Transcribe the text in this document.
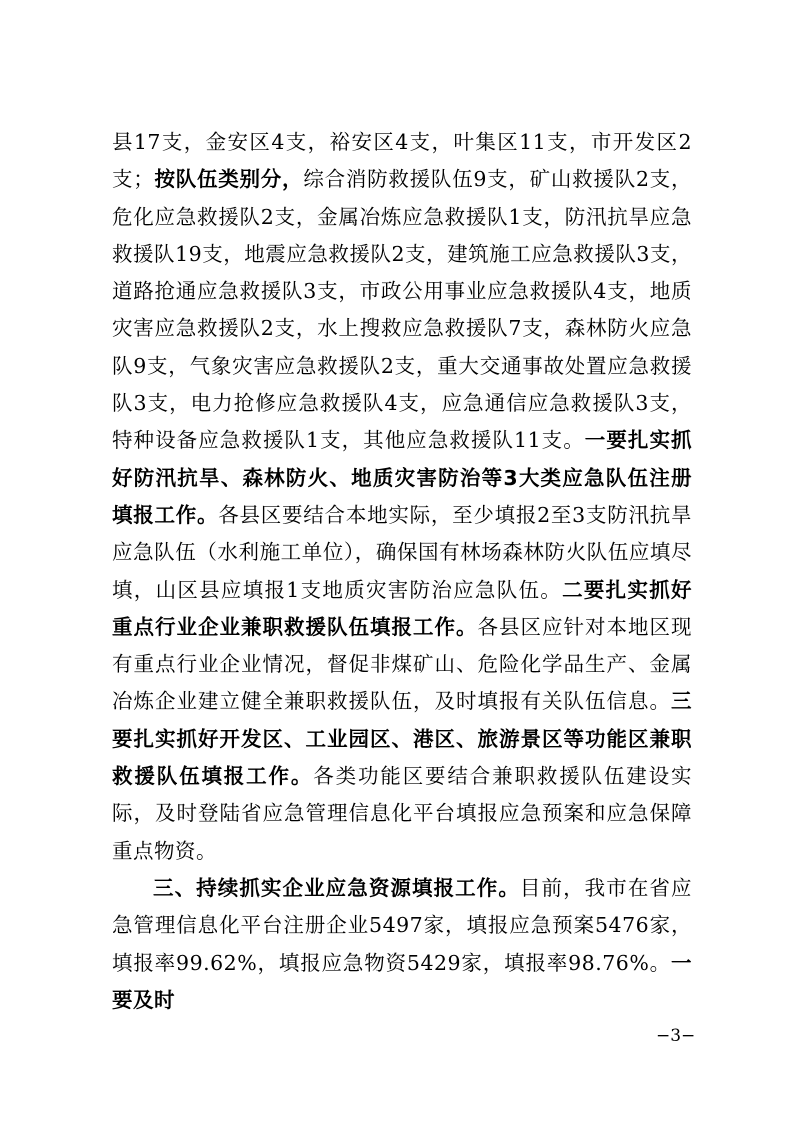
县17支，金安区4支，裕安区4支，叶集区11支，市开发区2支；按队伍类别分，综合消防救援队伍9支，矿山救援队2支，危化应急救援队2支，金属冶炼应急救援队1支，防汛抗旱应急救援队19支，地震应急救援队2支，建筑施工应急救援队3支，道路抢通应急救援队3支，市政公用事业应急救援队4支，地质灾害应急救援队2支，水上搜救应急救援队7支，森林防火应急队9支，气象灾害应急救援队2支，重大交通事故处置应急救援队3支，电力抢修应急救援队4支，应急通信应急救援队3支，特种设备应急救援队1支，其他应急救援队11支。一要扎实抓好防汛抗旱、森林防火、地质灾害防治等3大类应急队伍注册填报工作。各县区要结合本地实际，至少填报2至3支防汛抗旱应急队伍（水利施工单位），确保国有林场森林防火队伍应填尽填，山区县应填报1支地质灾害防治应急队伍。二要扎实抓好重点行业企业兼职救援队伍填报工作。各县区应针对本地区现有重点行业企业情况，督促非煤矿山、危险化学品生产、金属冶炼企业建立健全兼职救援队伍，及时填报有关队伍信息。三要扎实抓好开发区、工业园区、港区、旅游景区等功能区兼职救援队伍填报工作。各类功能区要结合兼职救援队伍建设实际，及时登陆省应急管理信息化平台填报应急预案和应急保障重点物资。

三、持续抓实企业应急资源填报工作。目前，我市在省应急管理信息化平台注册企业5497家，填报应急预案5476家，填报率99.62%，填报应急物资5429家，填报率98.76%。一要及时

−3−
